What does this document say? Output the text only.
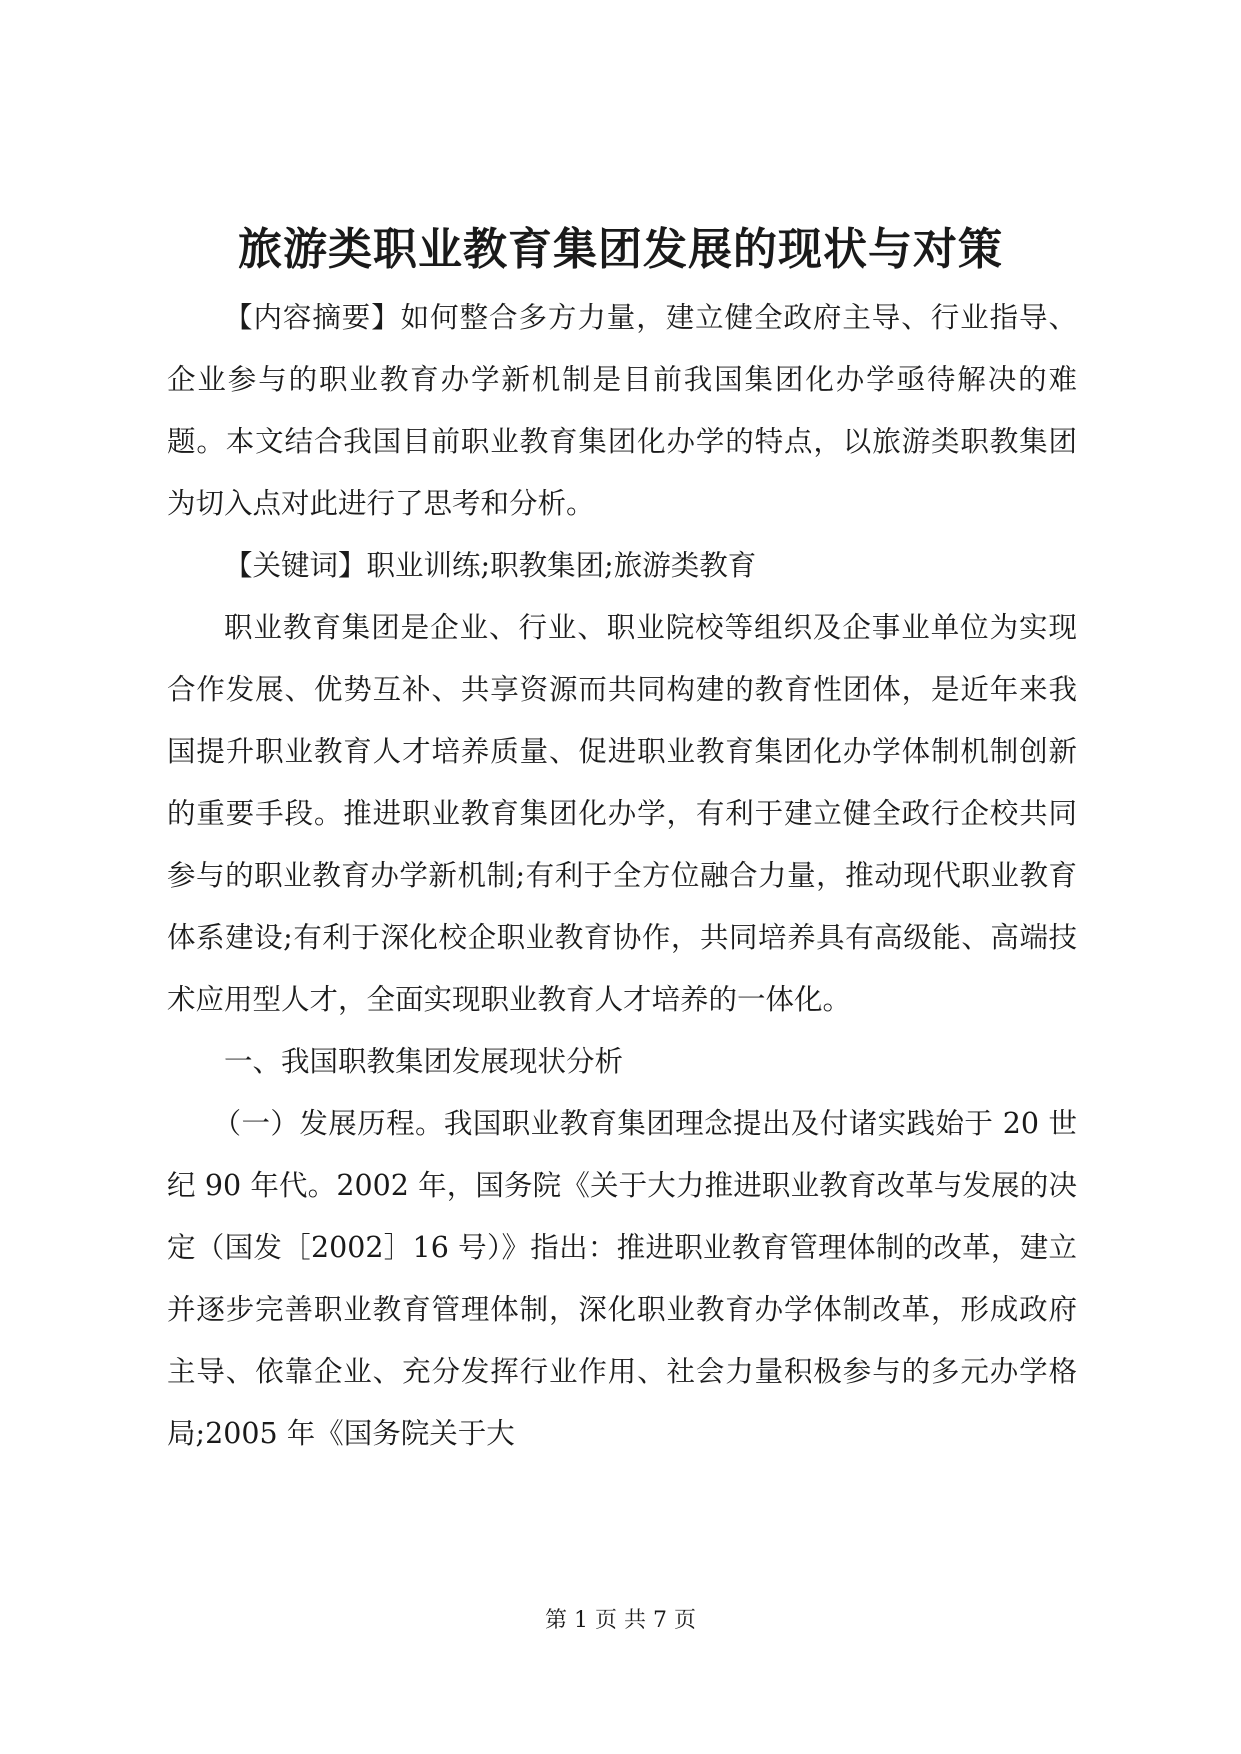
旅游类职业教育集团发展的现状与对策

【内容摘要】如何整合多方力量，建立健全政府主导、行业指导、企业参与的职业教育办学新机制是目前我国集团化办学亟待解决的难题。本文结合我国目前职业教育集团化办学的特点，以旅游类职教集团为切入点对此进行了思考和分析。

【关键词】职业训练;职教集团;旅游类教育

职业教育集团是企业、行业、职业院校等组织及企事业单位为实现合作发展、优势互补、共享资源而共同构建的教育性团体，是近年来我国提升职业教育人才培养质量、促进职业教育集团化办学体制机制创新的重要手段。推进职业教育集团化办学，有利于建立健全政行企校共同参与的职业教育办学新机制;有利于全方位融合力量，推动现代职业教育体系建设;有利于深化校企职业教育协作，共同培养具有高级能、高端技术应用型人才，全面实现职业教育人才培养的一体化。

一、我国职教集团发展现状分析

（一）发展历程。我国职业教育集团理念提出及付诸实践始于 20 世纪 90 年代。2002 年，国务院《关于大力推进职业教育改革与发展的决定（国发［2002］16 号）》指出：推进职业教育管理体制的改革，建立并逐步完善职业教育管理体制，深化职业教育办学体制改革，形成政府主导、依靠企业、充分发挥行业作用、社会力量积极参与的多元办学格局;2005 年《国务院关于大

第 1 页 共 7 页
